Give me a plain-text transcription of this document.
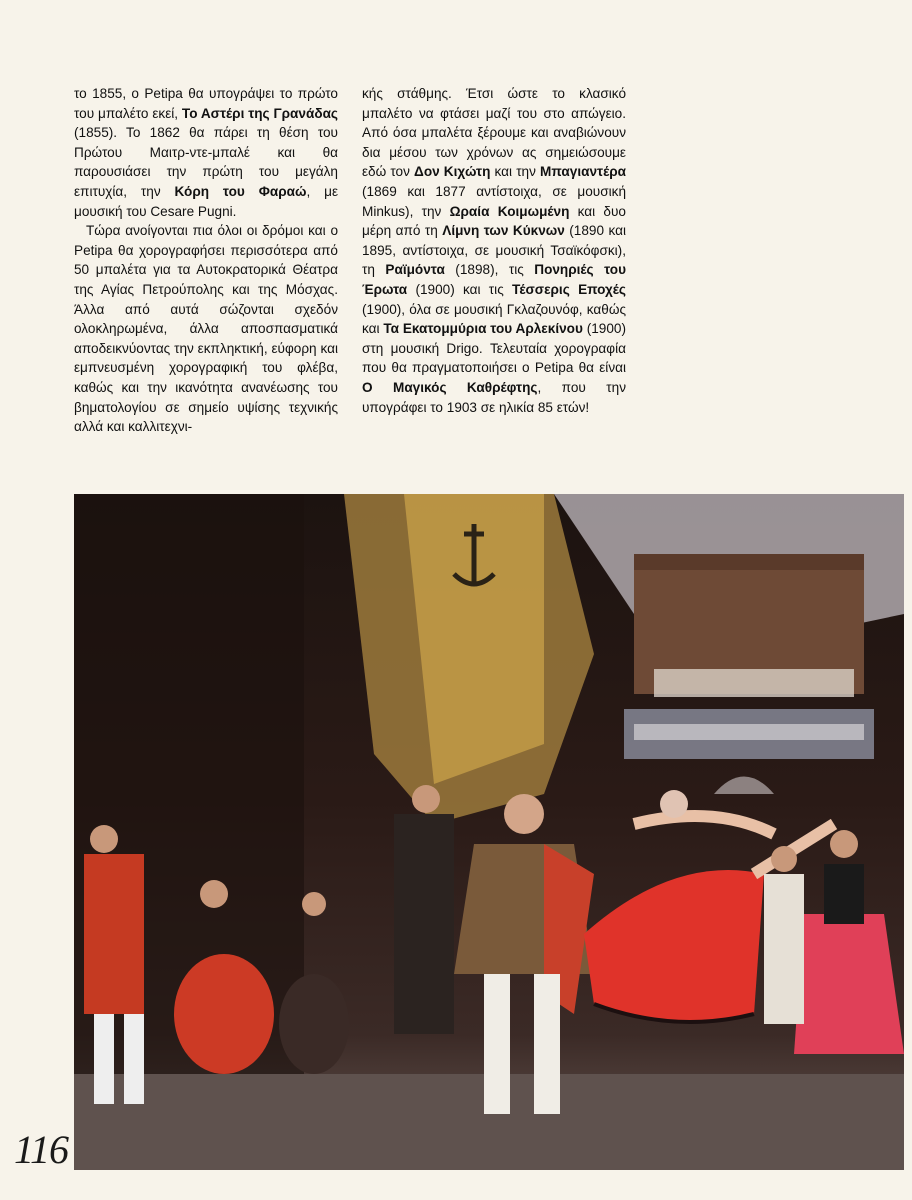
το 1855, ο Petipa θα υπογράψει το πρώτο του μπαλέτο εκεί, Το Αστέρι της Γρανάδας (1855). Το 1862 θα πάρει τη θέση του Πρώτου Μαιτρ-ντε-μπαλέ και θα παρουσιάσει την πρώτη του μεγάλη επιτυχία, την Κόρη του Φαραώ, με μουσική του Cesare Pugni.

Τώρα ανοίγονται πια όλοι οι δρόμοι και ο Petipa θα χορογραφήσει περισσότερα από 50 μπαλέτα για τα Αυτοκρατορικά Θέατρα της Αγίας Πετρούπολης και της Μόσχας. Άλλα από αυτά σώζονται σχεδόν ολοκληρωμένα, άλλα αποσπασματικά αποδεικνύοντας την εκπληκτική, εύφορη και εμπνευσμένη χορογραφική του φλέβα, καθώς και την ικανότητα ανανέωσης του βηματολογίου σε σημείο υψίσης τεχνικής αλλά και καλλιτεχνι-

κής στάθμης. Έτσι ώστε το κλασικό μπαλέτο να φτάσει μαζί του στο απώγειο. Από όσα μπαλέτα ξέρουμε και αναβιώνουν δια μέσου των χρόνων ας σημειώσουμε εδώ τον Δον Κιχώτη και την Μπαγιαντέρα (1869 και 1877 αντίστοιχα, σε μουσική Minkus), την Ωραία Κοιμωμένη και δυο μέρη από τη Λίμνη των Κύκνων (1890 και 1895, αντίστοιχα, σε μουσική Τσαϊκόφσκι), τη Ραϊμόντα (1898), τις Πονηριές του Έρωτα (1900) και τις Τέσσερις Εποχές (1900), όλα σε μουσική Γκλαζουνόφ, καθώς και Τα Εκατομμύρια του Αρλεκίνου (1900) στη μουσική Drigo. Τελευταία χορογραφία που θα πραγματοποιήσει ο Petipa θα είναι Ο Μαγικός Καθρέφτης, που την υπογράφει το 1903 σε ηλικία 85 ετών!

116
